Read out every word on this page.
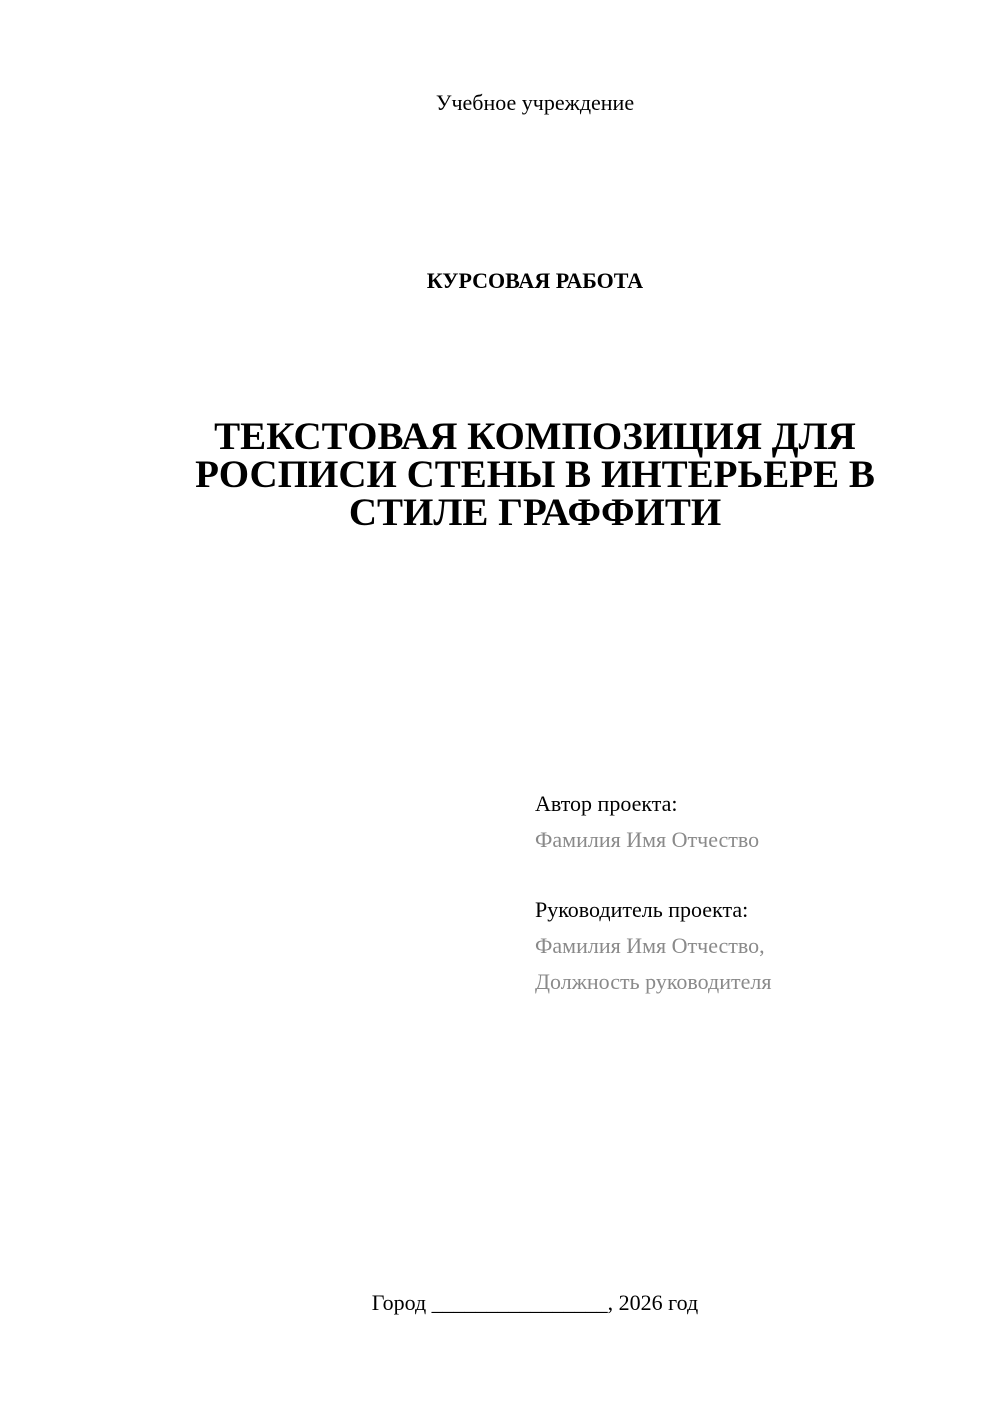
Учебное учреждение
КУРСОВАЯ РАБОТА
ТЕКСТОВАЯ КОМПОЗИЦИЯ ДЛЯ
РОСПИСИ СТЕНЫ В ИНТЕРЬЕРЕ В
СТИЛЕ ГРАФФИТИ
Автор проекта:
Фамилия Имя Отчество
Руководитель проекта:
Фамилия Имя Отчество,
Должность руководителя
Город ________________, 2026 год
